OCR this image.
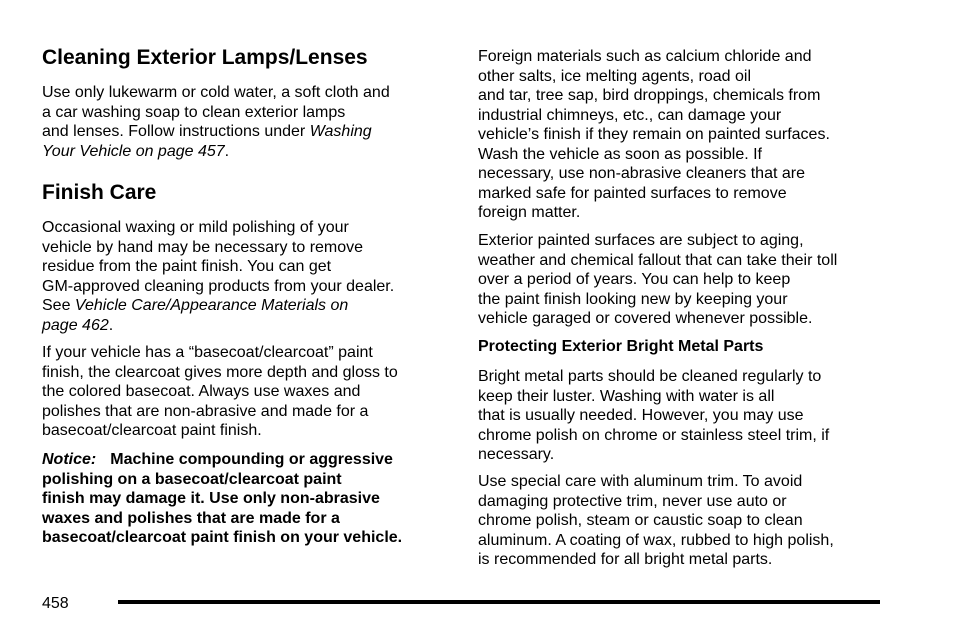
Cleaning Exterior Lamps/Lenses
Use only lukewarm or cold water, a soft cloth and
a car washing soap to clean exterior lamps
and lenses. Follow instructions under Washing
Your Vehicle on page 457.
Finish Care
Occasional waxing or mild polishing of your
vehicle by hand may be necessary to remove
residue from the paint finish. You can get
GM-approved cleaning products from your dealer.
See Vehicle Care/Appearance Materials on
page 462.
If your vehicle has a “basecoat/clearcoat” paint
finish, the clearcoat gives more depth and gloss to
the colored basecoat. Always use waxes and
polishes that are non-abrasive and made for a
basecoat/clearcoat paint finish.
Notice: Machine compounding or aggressive
polishing on a basecoat/clearcoat paint
finish may damage it. Use only non-abrasive
waxes and polishes that are made for a
basecoat/clearcoat paint finish on your vehicle.
Foreign materials such as calcium chloride and
other salts, ice melting agents, road oil
and tar, tree sap, bird droppings, chemicals from
industrial chimneys, etc., can damage your
vehicle’s finish if they remain on painted surfaces.
Wash the vehicle as soon as possible. If
necessary, use non-abrasive cleaners that are
marked safe for painted surfaces to remove
foreign matter.
Exterior painted surfaces are subject to aging,
weather and chemical fallout that can take their toll
over a period of years. You can help to keep
the paint finish looking new by keeping your
vehicle garaged or covered whenever possible.
Protecting Exterior Bright Metal Parts
Bright metal parts should be cleaned regularly to
keep their luster. Washing with water is all
that is usually needed. However, you may use
chrome polish on chrome or stainless steel trim, if
necessary.
Use special care with aluminum trim. To avoid
damaging protective trim, never use auto or
chrome polish, steam or caustic soap to clean
aluminum. A coating of wax, rubbed to high polish,
is recommended for all bright metal parts.
458
